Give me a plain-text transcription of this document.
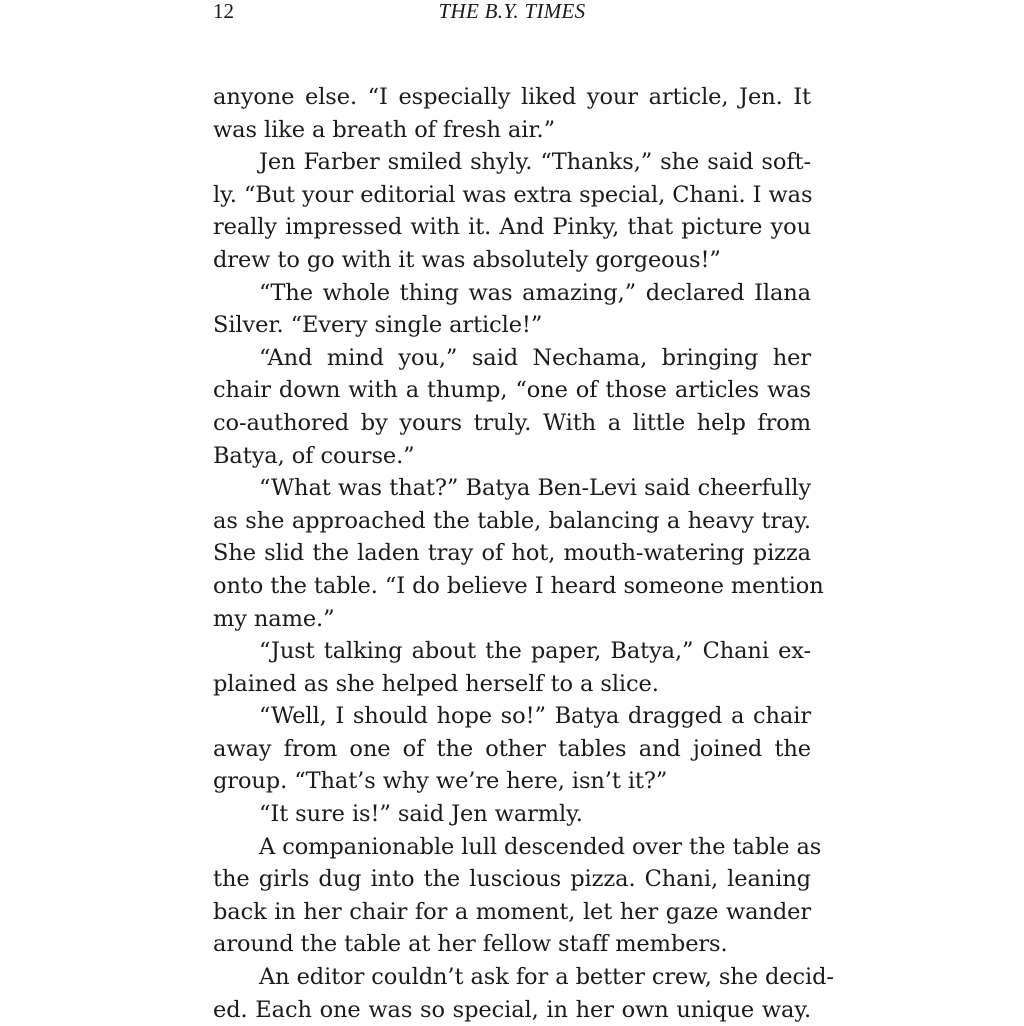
12	THE B.Y. TIMES
anyone else. “I especially liked your article, Jen. It
was like a breath of fresh air.”
Jen Farber smiled shyly. “Thanks,” she said soft-
ly. “But your editorial was extra special, Chani. I was
really impressed with it. And Pinky, that picture you
drew to go with it was absolutely gorgeous!”
“The whole thing was amazing,” declared Ilana
Silver. “Every single article!”
“And mind you,” said Nechama, bringing her
chair down with a thump, “one of those articles was
co-authored by yours truly. With a little help from
Batya, of course.”
“What was that?” Batya Ben-Levi said cheerfully
as she approached the table, balancing a heavy tray.
She slid the laden tray of hot, mouth-watering pizza
onto the table. “I do believe I heard someone mention
my name.”
“Just talking about the paper, Batya,” Chani ex-
plained as she helped herself to a slice.
“Well, I should hope so!” Batya dragged a chair
away from one of the other tables and joined the
group. “That’s why we’re here, isn’t it?”
“It sure is!” said Jen warmly.
A companionable lull descended over the table as
the girls dug into the luscious pizza. Chani, leaning
back in her chair for a moment, let her gaze wander
around the table at her fellow staff members.
An editor couldn’t ask for a better crew, she decid-
ed. Each one was so special, in her own unique way.
